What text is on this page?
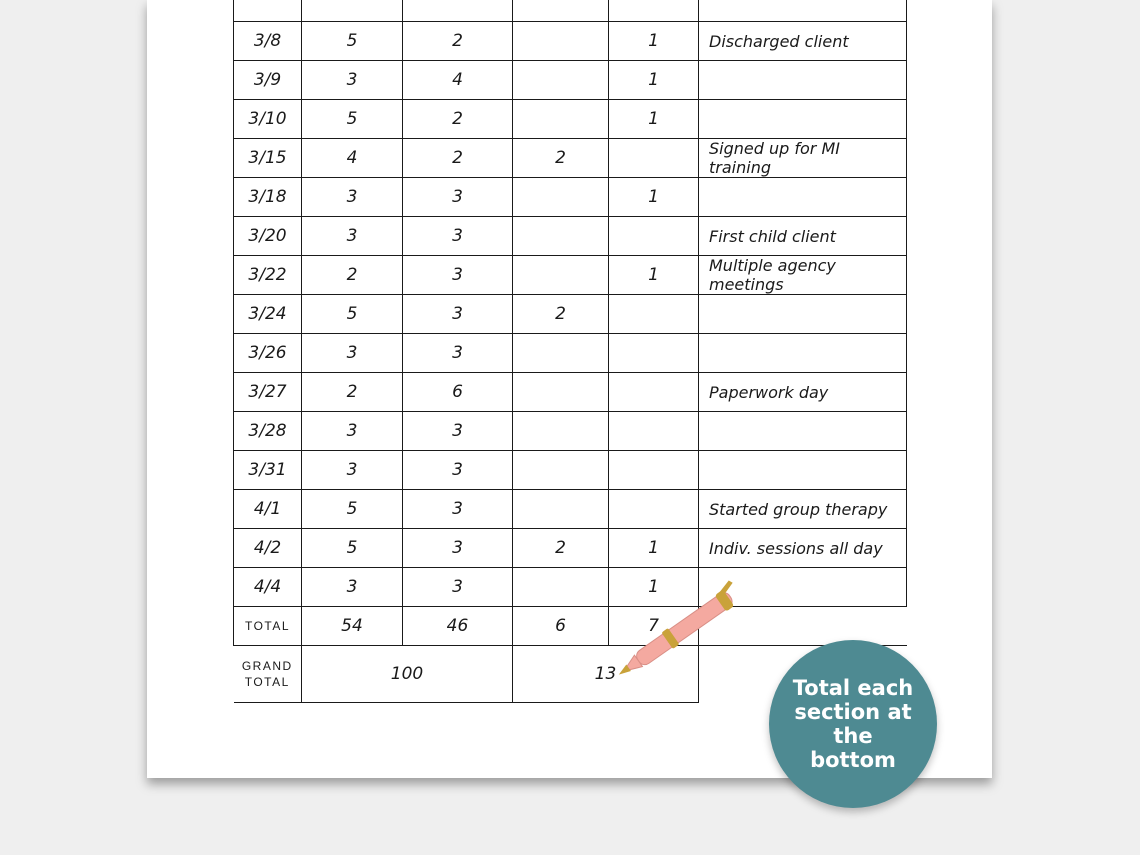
3/8	5	2		1	Discharged client
3/9	3	4		1	
3/10	5	2		1	
3/15	4	2	2		Signed up for MI training
3/18	3	3		1	
3/20	3	3			First child client
3/22	2	3		1	Multiple agency meetings
3/24	5	3	2		
3/26	3	3			
3/27	2	6			Paperwork day
3/28	3	3			
3/31	3	3			
4/1	5	3			Started group therapy
4/2	5	3	2	1	Indiv. sessions all day
4/4	3	3		1	
TOTAL	54	46	6	7	
GRAND
TOTAL	100		13		
Total each section at the bottom
